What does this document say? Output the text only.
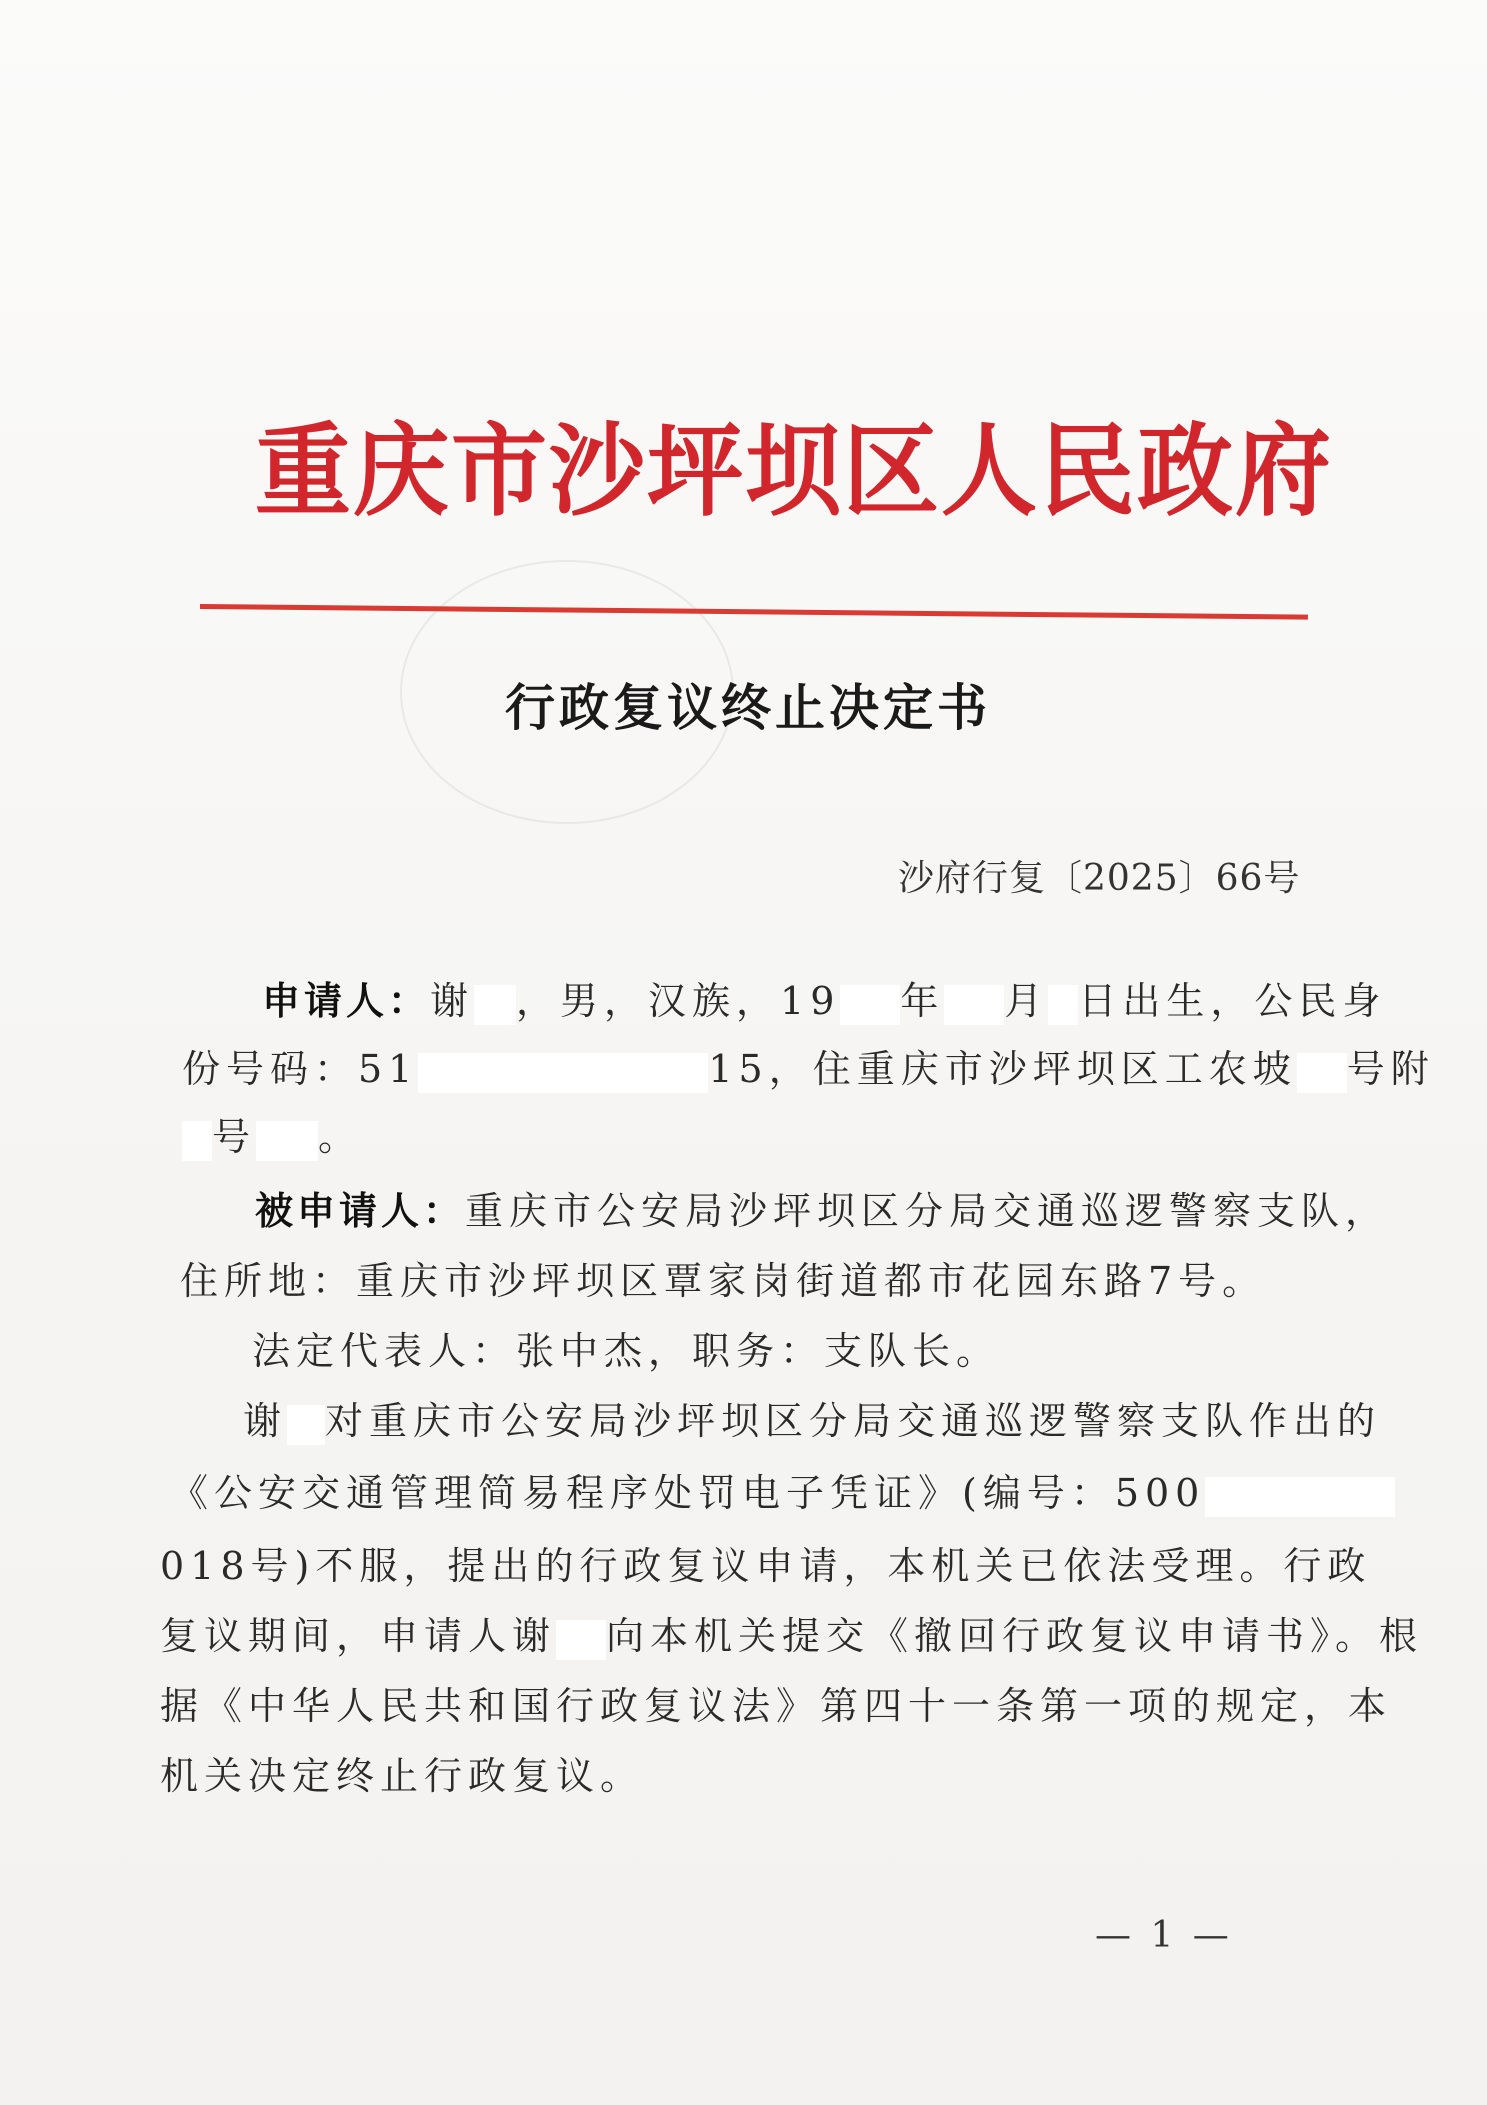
重庆市沙坪坝区人民政府
行政复议终止决定书
沙府行复〔2025〕66号
申请人：谢 ，男，汉族，19 年 月 日出生，公民身
份号码：51	15，住重庆市沙坪坝区工农坡 号附
号 。
被申请人：重庆市公安局沙坪坝区分局交通巡逻警察支队，
住所地：重庆市沙坪坝区覃家岗街道都市花园东路7号。
法定代表人：张中杰，职务：支队长。
谢 对重庆市公安局沙坪坝区分局交通巡逻警察支队作出的
《公安交通管理简易程序处罚电子凭证》(编号：500
018号)不服，提出的行政复议申请，本机关已依法受理。行政
复议期间，申请人谢 向本机关提交《撤回行政复议申请书》。根
据《中华人民共和国行政复议法》第四十一条第一项的规定，本
机关决定终止行政复议。
— 1 —
